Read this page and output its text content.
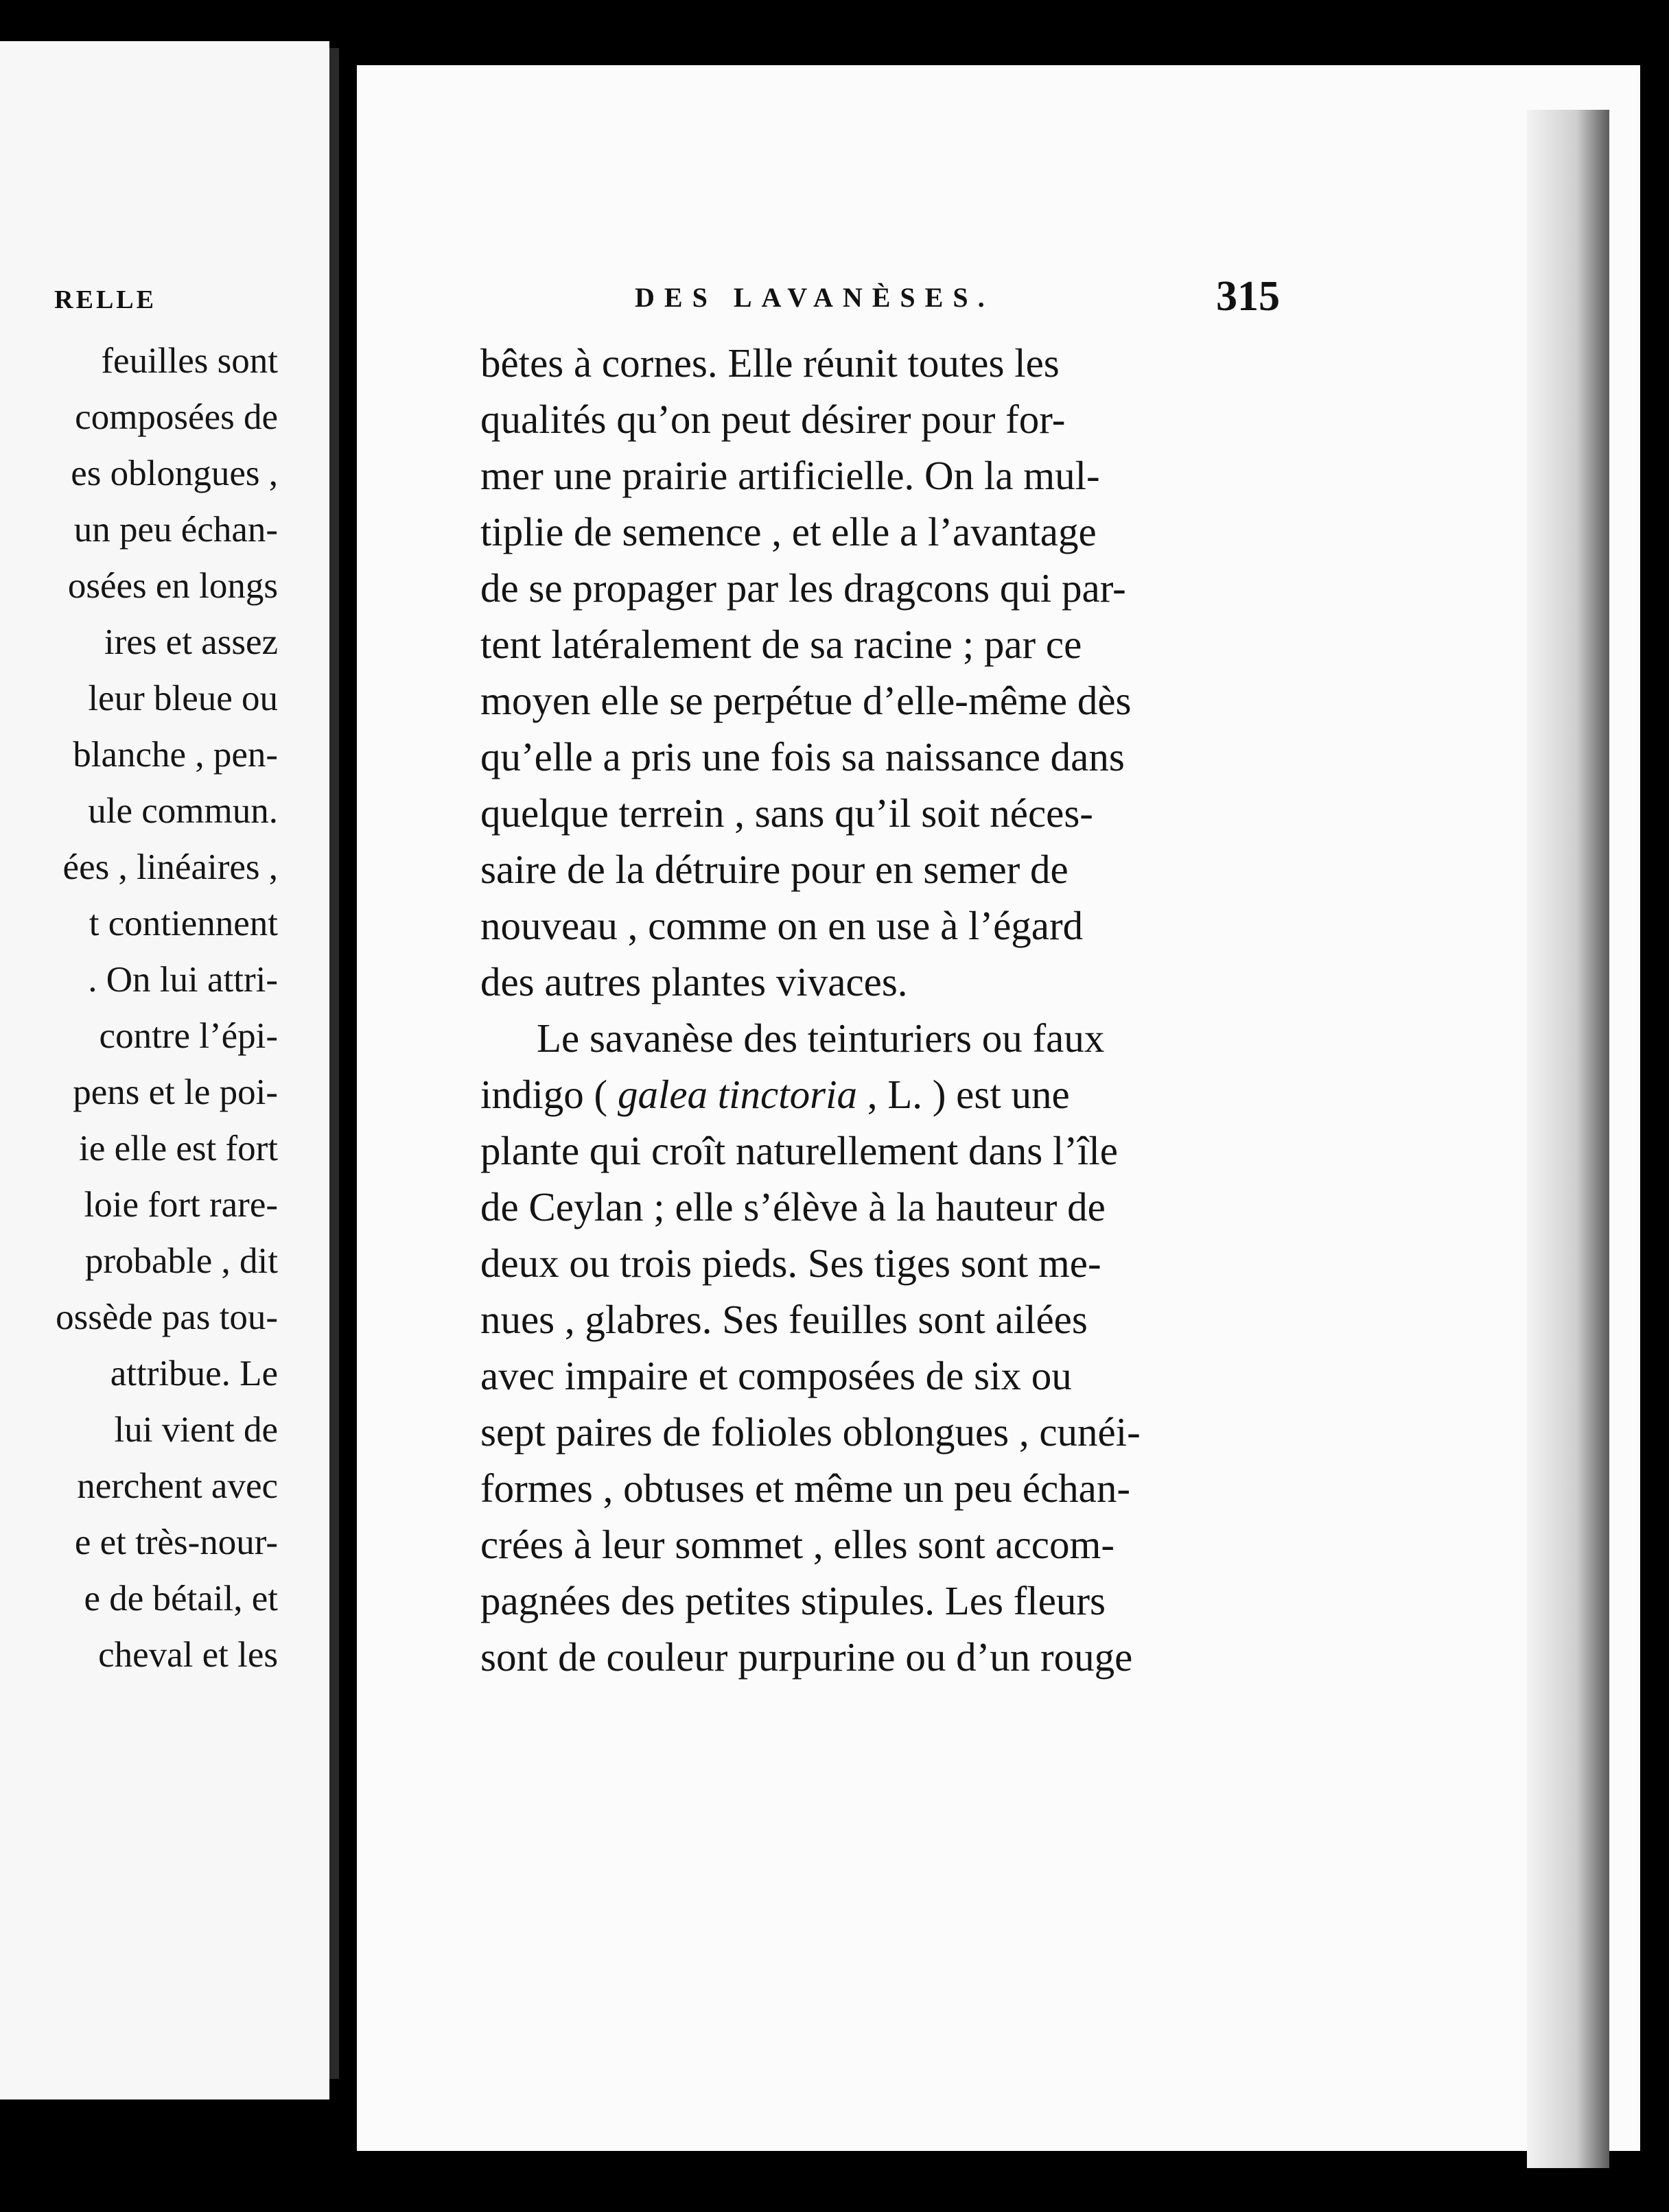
RELLE
feuilles sont
composées de
es oblongues ,
un peu échan-
osées en longs
ires et assez
leur bleue ou
blanche , pen-
ule commun.
ées , linéaires ,
t contiennent
. On lui attri-
contre l’épi-
pens et le poi-
ie elle est fort
loie fort rare-
probable , dit
ossède pas tou-
attribue. Le
lui vient de
nerchent avec
e et très-nour-
e de bétail, et
cheval et les
DES LAVANÈSES.	315
bêtes à cornes. Elle réunit toutes les
qualités qu’on peut désirer pour for-
mer une prairie artificielle. On la mul-
tiplie de semence , et elle a l’avantage
de se propager par les dragcons qui par-
tent latéralement de sa racine ; par ce
moyen elle se perpétue d’elle-même dès
qu’elle a pris une fois sa naissance dans
quelque terrein , sans qu’il soit néces-
saire de la détruire pour en semer de
nouveau , comme on en use à l’égard
des autres plantes vivaces.
Le savanèse des teinturiers ou faux
indigo ( galea tinctoria , L. ) est une
plante qui croît naturellement dans l’île
de Ceylan ; elle s’élève à la hauteur de
deux ou trois pieds. Ses tiges sont me-
nues , glabres. Ses feuilles sont ailées
avec impaire et composées de six ou
sept paires de folioles oblongues , cunéi-
formes , obtuses et même un peu échan-
crées à leur sommet , elles sont accom-
pagnées des petites stipules. Les fleurs
sont de couleur purpurine ou d’un rouge
